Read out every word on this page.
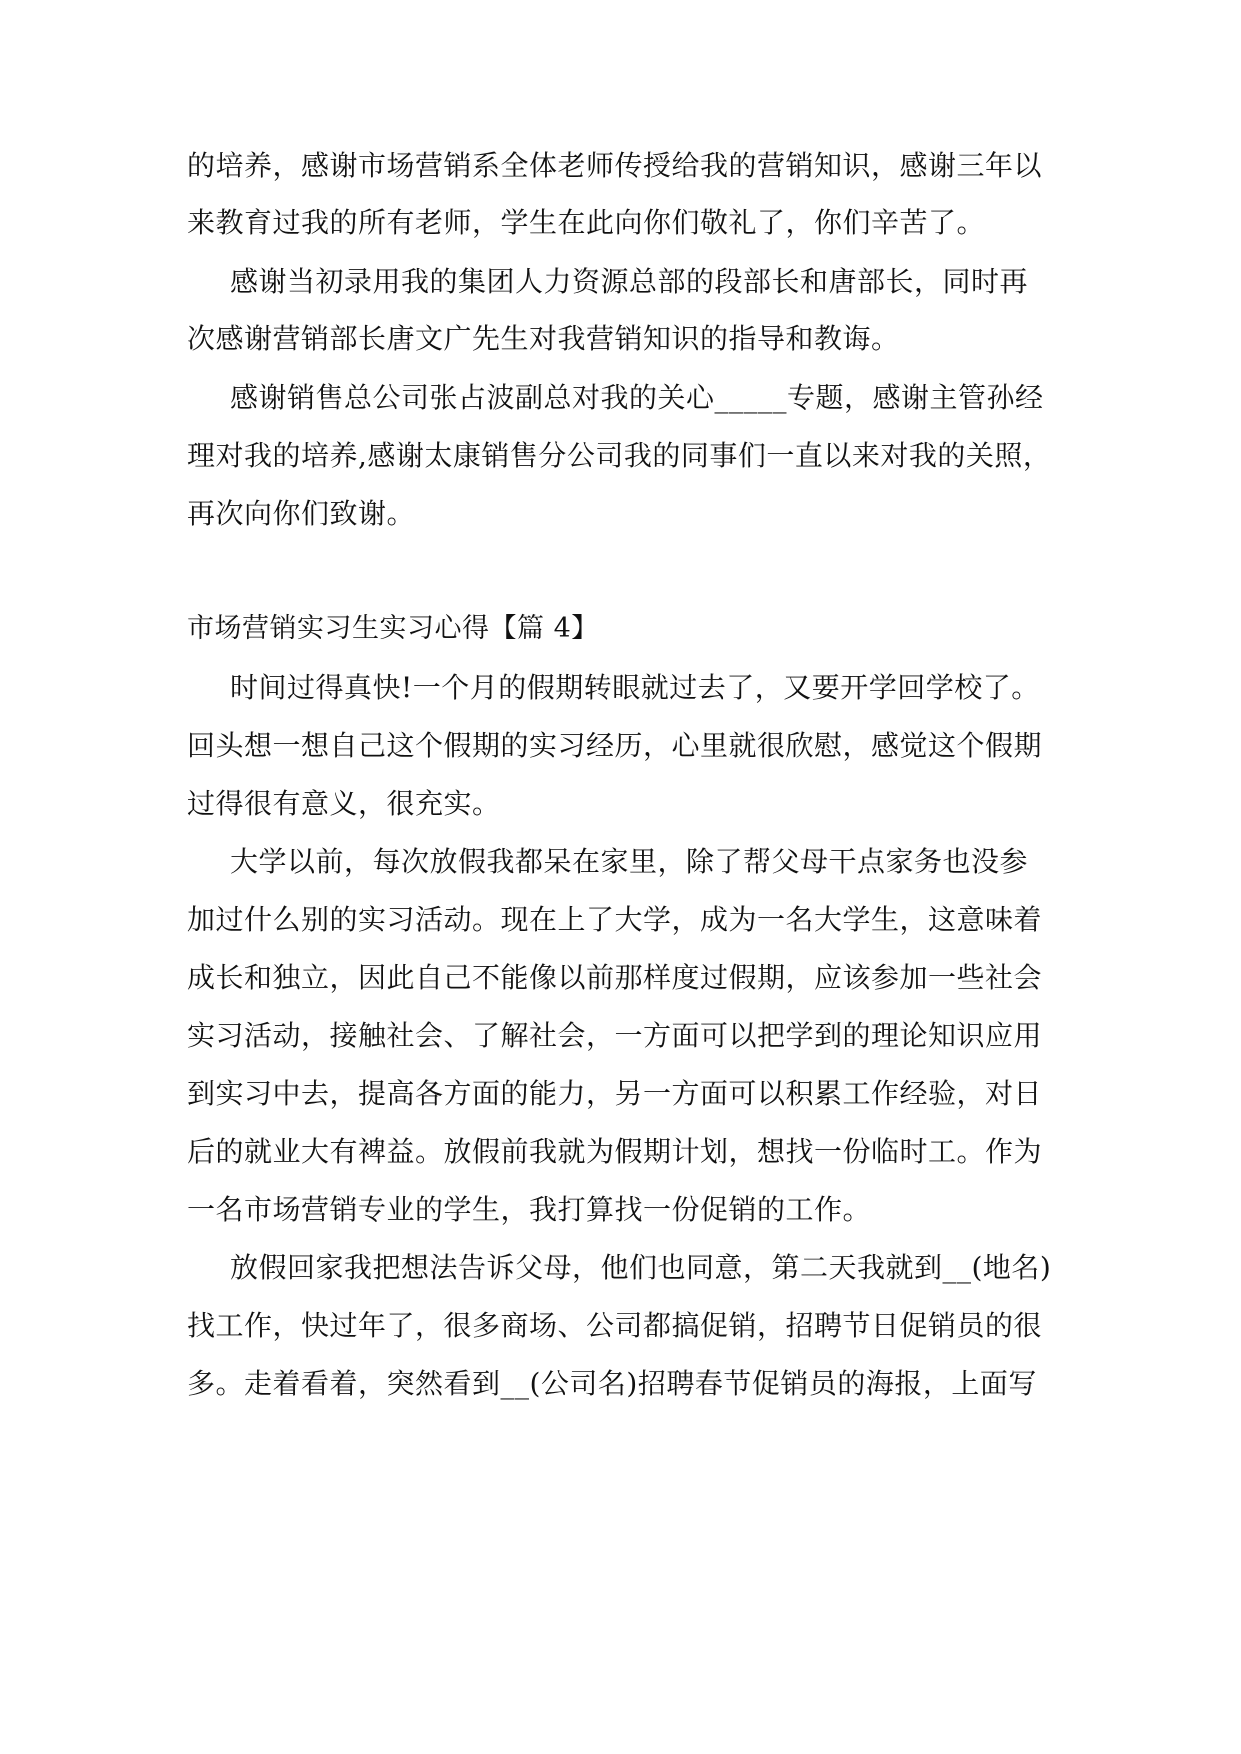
的培养，感谢市场营销系全体老师传授给我的营销知识，感谢三年以
来教育过我的所有老师，学生在此向你们敬礼了，你们辛苦了。
感谢当初录用我的集团人力资源总部的段部长和唐部长，同时再
次感谢营销部长唐文广先生对我营销知识的指导和教诲。
感谢销售总公司张占波副总对我的关心_____专题，感谢主管孙经
理对我的培养,感谢太康销售分公司我的同事们一直以来对我的关照，
再次向你们致谢。
市场营销实习生实习心得【篇 4】
时间过得真快!一个月的假期转眼就过去了，又要开学回学校了。
回头想一想自己这个假期的实习经历，心里就很欣慰，感觉这个假期
过得很有意义，很充实。
大学以前，每次放假我都呆在家里，除了帮父母干点家务也没参
加过什么别的实习活动。现在上了大学，成为一名大学生，这意味着
成长和独立，因此自己不能像以前那样度过假期，应该参加一些社会
实习活动，接触社会、了解社会，一方面可以把学到的理论知识应用
到实习中去，提高各方面的能力，另一方面可以积累工作经验，对日
后的就业大有裨益。放假前我就为假期计划，想找一份临时工。作为
一名市场营销专业的学生，我打算找一份促销的工作。
放假回家我把想法告诉父母，他们也同意，第二天我就到__(地名)
找工作，快过年了，很多商场、公司都搞促销，招聘节日促销员的很
多。走着看着，突然看到__(公司名)招聘春节促销员的海报，上面写
